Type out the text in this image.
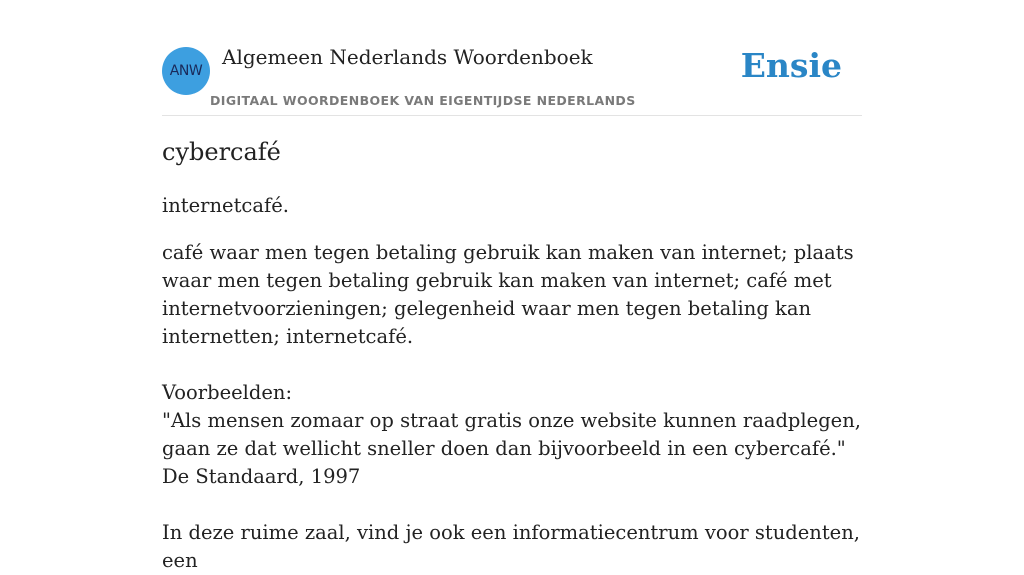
ANW
Algemeen Nederlands Woordenboek
DIGITAAL WOORDENBOEK VAN EIGENTIJDSE NEDERLANDS
Ensie
cybercafé

internetcafé.

café waar men tegen betaling gebruik kan maken van internet; plaats waar men tegen betaling gebruik kan maken van internet; café met internetvoorzieningen; gelegenheid waar men tegen betaling kan internetten; internetcafé.

Voorbeelden:

"Als mensen zomaar op straat gratis onze website kunnen raadplegen, gaan ze dat wellicht sneller doen dan bijvoorbeeld in een cybercafé."

De Standaard, 1997

In deze ruime zaal, vind je ook een informatiecentrum voor studenten, een
